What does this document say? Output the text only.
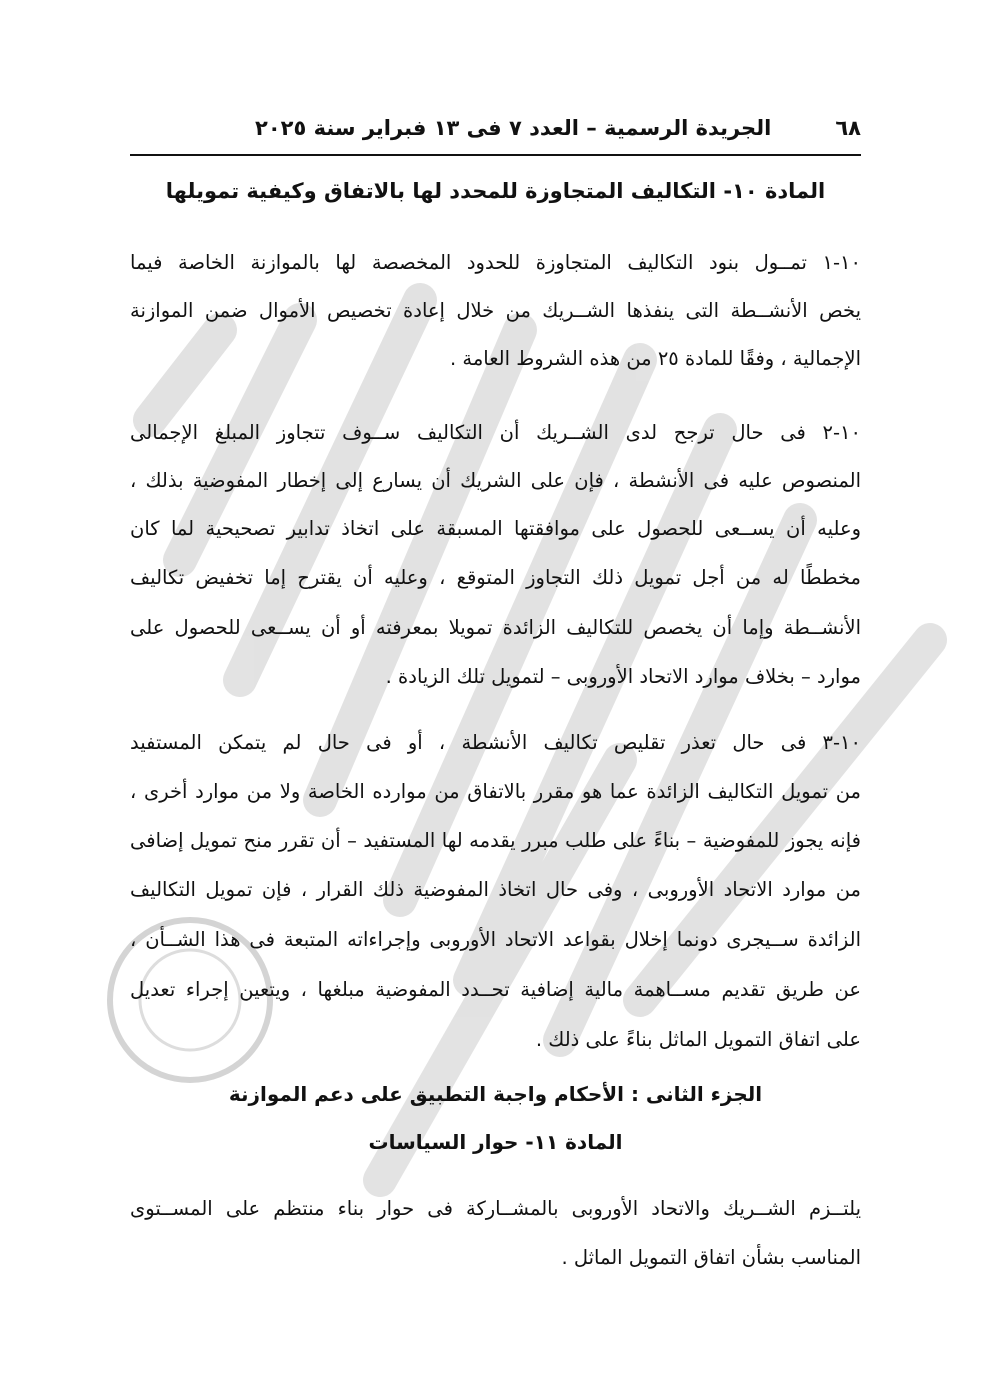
٦٨
الجريدة الرسمية – العدد ٧ فى ١٣ فبراير سنة ٢٠٢٥
المادة ١٠- التكاليف المتجاوزة للمحدد لها بالاتفاق وكيفية تمويلها
١٠-١ تمــول بنود التكاليف المتجاوزة للحدود المخصصة لها بالموازنة الخاصة فيما
يخص الأنشــطة التى ينفذها الشــريك من خلال إعادة تخصيص الأموال ضمن الموازنة
الإجمالية ، وفقًا للمادة ٢٥ من هذه الشروط العامة .
١٠-٢ فى حال ترجح لدى الشــريك أن التكاليف ســوف تتجاوز المبلغ الإجمالى
المنصوص عليه فى الأنشطة ، فإن على الشريك أن يسارع إلى إخطار المفوضية بذلك ،
وعليه أن يســعى للحصول على موافقتها المسبقة على اتخاذ تدابير تصحيحية لما كان
مخططًا له من أجل تمويل ذلك التجاوز المتوقع ، وعليه أن يقترح إما تخفيض تكاليف
الأنشــطة وإما أن يخصص للتكاليف الزائدة تمويلا بمعرفته أو أن يســعى للحصول على
موارد – بخلاف موارد الاتحاد الأوروبى – لتمويل تلك الزيادة .
١٠-٣ فى حال تعذر تقليص تكاليف الأنشطة ، أو فى حال لم يتمكن المستفيد
من تمويل التكاليف الزائدة عما هو مقرر بالاتفاق من موارده الخاصة ولا من موارد أخرى ،
فإنه يجوز للمفوضية – بناءً على طلب مبرر يقدمه لها المستفيد – أن تقرر منح تمويل إضافى
من موارد الاتحاد الأوروبى ، وفى حال اتخاذ المفوضية ذلك القرار ، فإن تمويل التكاليف
الزائدة ســيجرى دونما إخلال بقواعد الاتحاد الأوروبى وإجراءاته المتبعة فى هذا الشــأن ،
عن طريق تقديم مســاهمة مالية إضافية تحــدد المفوضية مبلغها ، ويتعين إجراء تعديل
على اتفاق التمويل الماثل بناءً على ذلك .
الجزء الثانى : الأحكام واجبة التطبيق على دعم الموازنة
المادة ١١- حوار السياسات
يلتــزم الشــريك والاتحاد الأوروبى بالمشــاركة فى حوار بناء منتظم على المســتوى
المناسب بشأن اتفاق التمويل الماثل .
